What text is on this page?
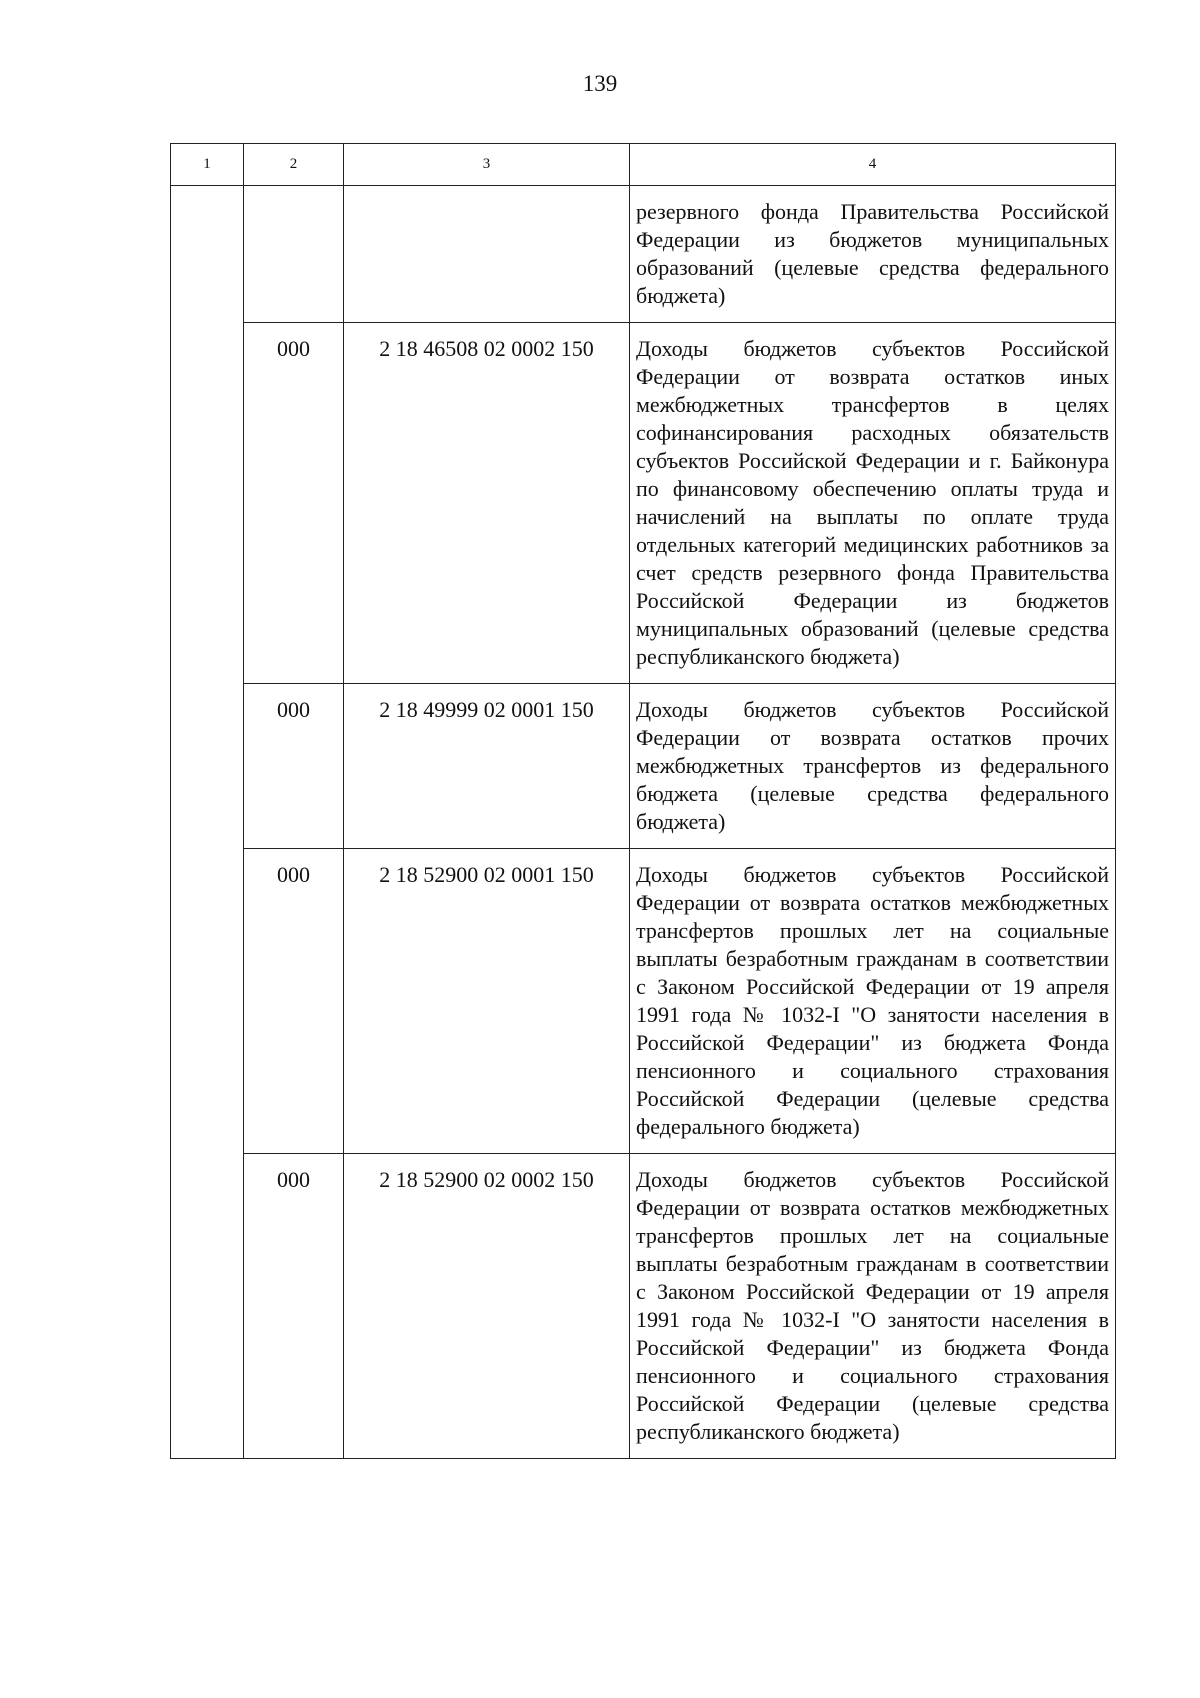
139
1	2	3	4

			резервного фонда Правительства Российской Федерации из бюджетов муниципальных образований (целевые средства федерального бюджета)

	000	2 18 46508 02 0002 150	Доходы бюджетов субъектов Российской Федерации от возврата остатков иных межбюджетных трансфертов в целях софинансирования расходных обязательств субъектов Российской Федерации и г. Байконура по финансовому обеспечению оплаты труда и начислений на выплаты по оплате труда отдельных категорий медицинских работников за счет средств резервного фонда Правительства Российской Федерации из бюджетов муниципальных образований (целевые средства республиканского бюджета)

	000	2 18 49999 02 0001 150	Доходы бюджетов субъектов Российской Федерации от возврата остатков прочих межбюджетных трансфертов из федерального бюджета (целевые средства федерального бюджета)

	000	2 18 52900 02 0001 150	Доходы бюджетов субъектов Российской Федерации от возврата остатков межбюджетных трансфертов прошлых лет на социальные выплаты безработным гражданам в соответствии с Законом Российской Федерации от 19 апреля 1991 года № 1032-I "О занятости населения в Российской Федерации" из бюджета Фонда пенсионного и социального страхования Российской Федерации (целевые средства федерального бюджета)

	000	2 18 52900 02 0002 150	Доходы бюджетов субъектов Российской Федерации от возврата остатков межбюджетных трансфертов прошлых лет на социальные выплаты безработным гражданам в соответствии с Законом Российской Федерации от 19 апреля 1991 года № 1032-I "О занятости населения в Российской Федерации" из бюджета Фонда пенсионного и социального страхования Российской Федерации (целевые средства республиканского бюджета)
